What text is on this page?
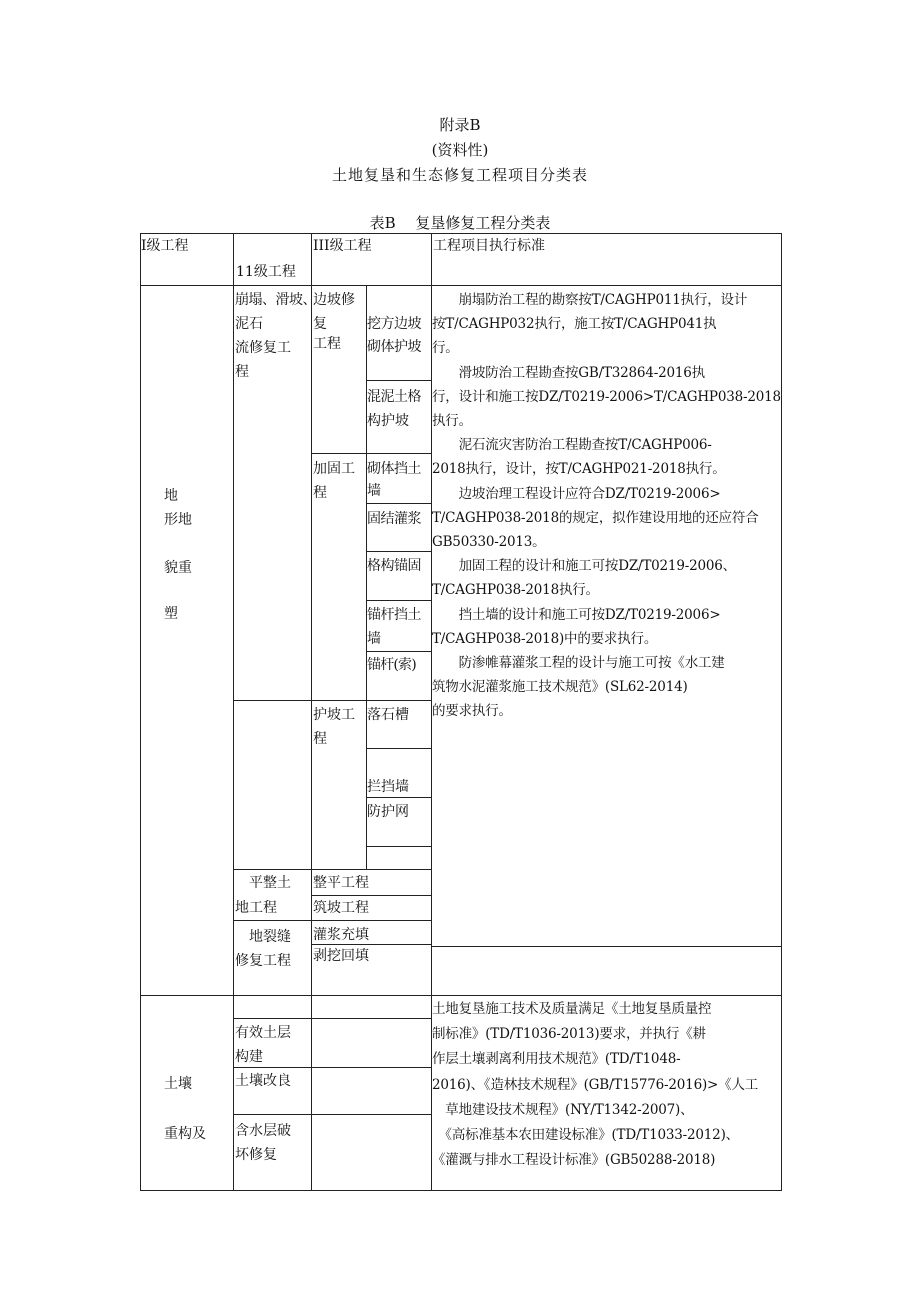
附录B
(资料性)
土地复垦和生态修复工程项目分类表
表B　 复垦修复工程分类表
I级工程
11级工程
III级工程	工程项目执行标准
地
形地
貌重
塑
崩塌、滑坡、
泥石
流修复工
程
边坡修
复
工程
挖方边坡
砌体护坡
混泥土格
构护坡
加固工
程
砌体挡土
墙
固结灌浆
格构锚固
锚杆挡土
墙
锚杆(索)
护坡工
程
落石槽
拦挡墙
防护网
平整土
地工程
整平工程
筑坡工程
地裂缝
修复工程
灌浆充填
剥挖回填
　　崩塌防治工程的勘察按T/CAGHP011执行，设计
按T/CAGHP032执行，施工按T/CAGHP041执
行。
　　滑坡防治工程勘查按GB/T32864-2016执
行，设计和施工按DZ/T0219-2006>T/CAGHP038-2018
执行。
　　泥石流灾害防治工程勘查按T/CAGHP006-
2018执行，设计，按T/CAGHP021-2018执行。
　　边坡治理工程设计应符合DZ/T0219-2006>
T/CAGHP038-2018的规定，拟作建设用地的还应符合
GB50330-2013。
　　加固工程的设计和施工可按DZ/T0219-2006、
T/CAGHP038-2018执行。
　　挡土墙的设计和施工可按DZ/T0219-2006>
T/CAGHP038-2018)中的要求执行。
　　防渗帷幕灌浆工程的设计与施工可按《水工建
筑物水泥灌浆施工技术规范》(SL62-2014)
的要求执行。
土壤
重构及
有效土层
构建
土壤改良
含水层破
坏修复
土地复垦施工技术及质量满足《土地复垦质量控
制标准》(TD/T1036-2013)要求，并执行《耕
作层土壤剥离利用技术规范》(TD/T1048-
2016)、《造林技术规程》(GB/T15776-2016)>《人工
　草地建设技术规程》(NY/T1342-2007)、
　《高标准基本农田建设标准》(TD/T1033-2012)、
《灌溉与排水工程设计标准》(GB50288-2018)
